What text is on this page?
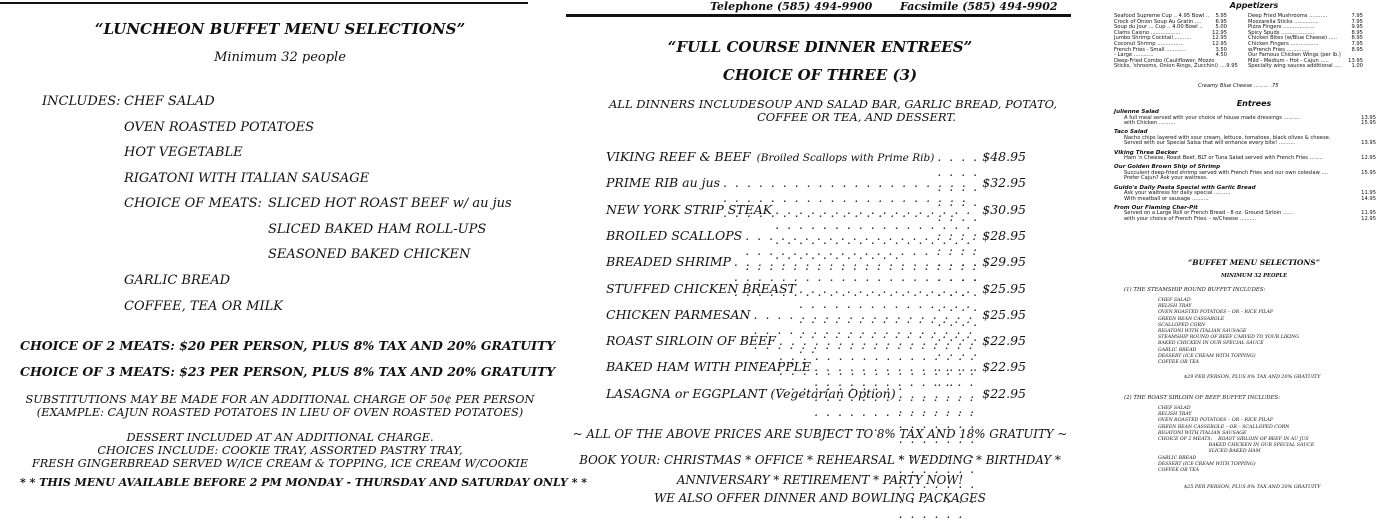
“LUNCHEON BUFFET MENU SELECTIONS”
Minimum 32 people
INCLUDES: CHEF SALAD
OVEN ROASTED POTATOES
HOT VEGETABLE
RIGATONI WITH ITALIAN SAUSAGE
SLICED HOT ROAST BEEF w/ au jus
SLICED BAKED HAM ROLL-UPS
SEASONED BAKED CHICKEN
GARLIC BREAD
COFFEE, TEA OR MILK
CHOICE OF MEATS:
CHOICE OF 2 MEATS: $20 PER PERSON, PLUS 8% TAX AND 20% GRATUITY
CHOICE OF 3 MEATS: $23 PER PERSON, PLUS 8% TAX AND 20% GRATUITY
SUBSTITUTIONS MAY BE MADE FOR AN ADDITIONAL CHARGE OF 50¢ PER PERSON
(EXAMPLE: CAJUN ROASTED POTATOES IN LIEU OF OVEN ROASTED POTATOES)
DESSERT INCLUDED AT AN ADDITIONAL CHARGE.
CHOICES INCLUDE: COOKIE TRAY, ASSORTED PASTRY TRAY,
FRESH GINGERBREAD SERVED W/ICE CREAM & TOPPING, ICE CREAM W/COOKIE
* * THIS MENU AVAILABLE BEFORE 2 PM MONDAY - THURSDAY AND SATURDAY ONLY * *
Telephone (585) 494-9900	Facsimile (585) 494-9902
“FULL COURSE DINNER ENTREES”
CHOICE OF THREE (3)
ALL DINNERS INCLUDE:
SOUP AND SALAD BAR, GARLIC BREAD, POTATO,
COFFEE OR TEA, AND DESSERT.
VIKING REEF & BEEF (Broiled Scallops with Prime Rib) . . .	$48.95
PRIME RIB au jus . . .	$32.95
NEW YORK STRIP STEAK . . .	$30.95
BROILED SCALLOPS . . .	$28.95
BREADED SHRIMP . . .	$29.95
STUFFED CHICKEN BREAST . . .	$25.95
CHICKEN PARMESAN . . .	$25.95
ROAST SIRLOIN OF BEEF . . .	$22.95
BAKED HAM WITH PINEAPPLE . . .	$22.95
LASAGNA or EGGPLANT (Vegetarian Option) . . .	$22.95
~ ALL OF THE ABOVE PRICES ARE SUBJECT TO 8% TAX AND 18% GRATUITY ~
BOOK YOUR: CHRISTMAS * OFFICE * REHEARSAL * WEDDING * BIRTHDAY *
ANNIVERSARY * RETIREMENT * PARTY NOW!
WE ALSO OFFER DINNER AND BOWLING PACKAGES
Appetizers
Seafood Supreme Cup .. 4.95 Bowl .. 5.95
Crock of Onion Soup Au Gratin ....	6.95
Soup du Jour ... Cup .. 4.00 Bowl .. 5.00
Clams Casino ..................	12.95
Jumbo Shrimp Cocktail ..........	12.95
Coconut Shrimp ................	12.95
French Fries - Small ............	3.50
- Large ............	4.50
Deep-Fried Combo (Cauliflower, Mozzo
Sticks, 'shrooms, Onion Rings, Zucchini) .... 9.95
Deep Fried Mushrooms ...........	7.95
Mozzarella Sticks ...............	7.95
Pizza Fingers ...................	9.95
Spicy Spuds ....................	8.95
Chicken Bites (w/Blue Cheese) .....	8.95
Chicken Fingers .................	7.95
w/French Fries ..............	8.95
Our Famous Chicken Wings (per lb.)
Mild - Medium - Hot - Cajun .....	13.95
Specialty wing sauces additional .... 1.00
Creamy Blue Cheese ......... .75
Entrees
Julienne Salad
A full meal served with your choice of house made dressings ..........	13.95
with Chicken ..........	15.95
Taco Salad
Nacho chips layered with sour cream, lettuce, tomatoes, black olives & cheese.
Served with our Special Salsa that will enhance every bite! ..........	13.95
Viking Three Decker
Ham 'n Cheese, Roast Beef, BLT or Tuna Salad served with French Fries ........	12.95
Our Golden Brown Ship of Shrimp
Succulent deep-fried shrimp served with French Fries and our own coleslaw ....	15.95
Prefer Cajun? Ask your waitress.
Guido's Daily Pasta Special with Garlic Bread
Ask your waitress for daily special ..........	11.95
With meatball or sausage ..........	14.95
From Our Flaming Char-Pit
Served on a Large Roll or French Bread - 8 oz. Ground Sirloin ......	11.95
with your choice of French Fries. - w/Cheese ..........	12.95
“BUFFET MENU SELECTIONS”
MINIMUM 32 PEOPLE
(1) THE STEAMSHIP ROUND BUFFET INCLUDES:
CHEF SALAD
RELISH TRAY
OVEN ROASTED POTATOES – OR – RICE PILAF
GREEN BEAN CASSAROLE
SCALLOPED CORN
RIGATONI WITH ITALIAN SAUSAGE
STEAMSHIP ROUND OF BEEF CARVED TO YOUR LIKING
BAKED CHICKEN IN OUR SPECIAL SAUCE
GARLIC BREAD
DESSERT (ICE CREAM WITH TOPPING)
COFFEE OR TEA
$29 PER PERSON, PLUS 8% TAX AND 20% GRATUITY
(2) THE ROAST SIRLOIN OF BEEF BUFFET INCLUDES:
CHEF SALAD
RELISH TRAY
OVEN ROASTED POTATOES – OR – RICE PILAF
GREEN BEAN CASSEROLE – OR – SCALLOPED CORN
RIGATONI WITH ITALIAN SAUSAGE
CHOICE OF 2 MEATS:    ROAST SIRLOIN OF BEEF IN AU JUS
BAKED CHICKEN IN OUR SPECIAL SAUCE
SLICED BAKED HAM
GARLIC BREAD
DESSERT (ICE CREAM WITH TOPPING)
COFFEE OR TEA
$25 PER PERSON, PLUS 8% TAX AND 20% GRATUITY
